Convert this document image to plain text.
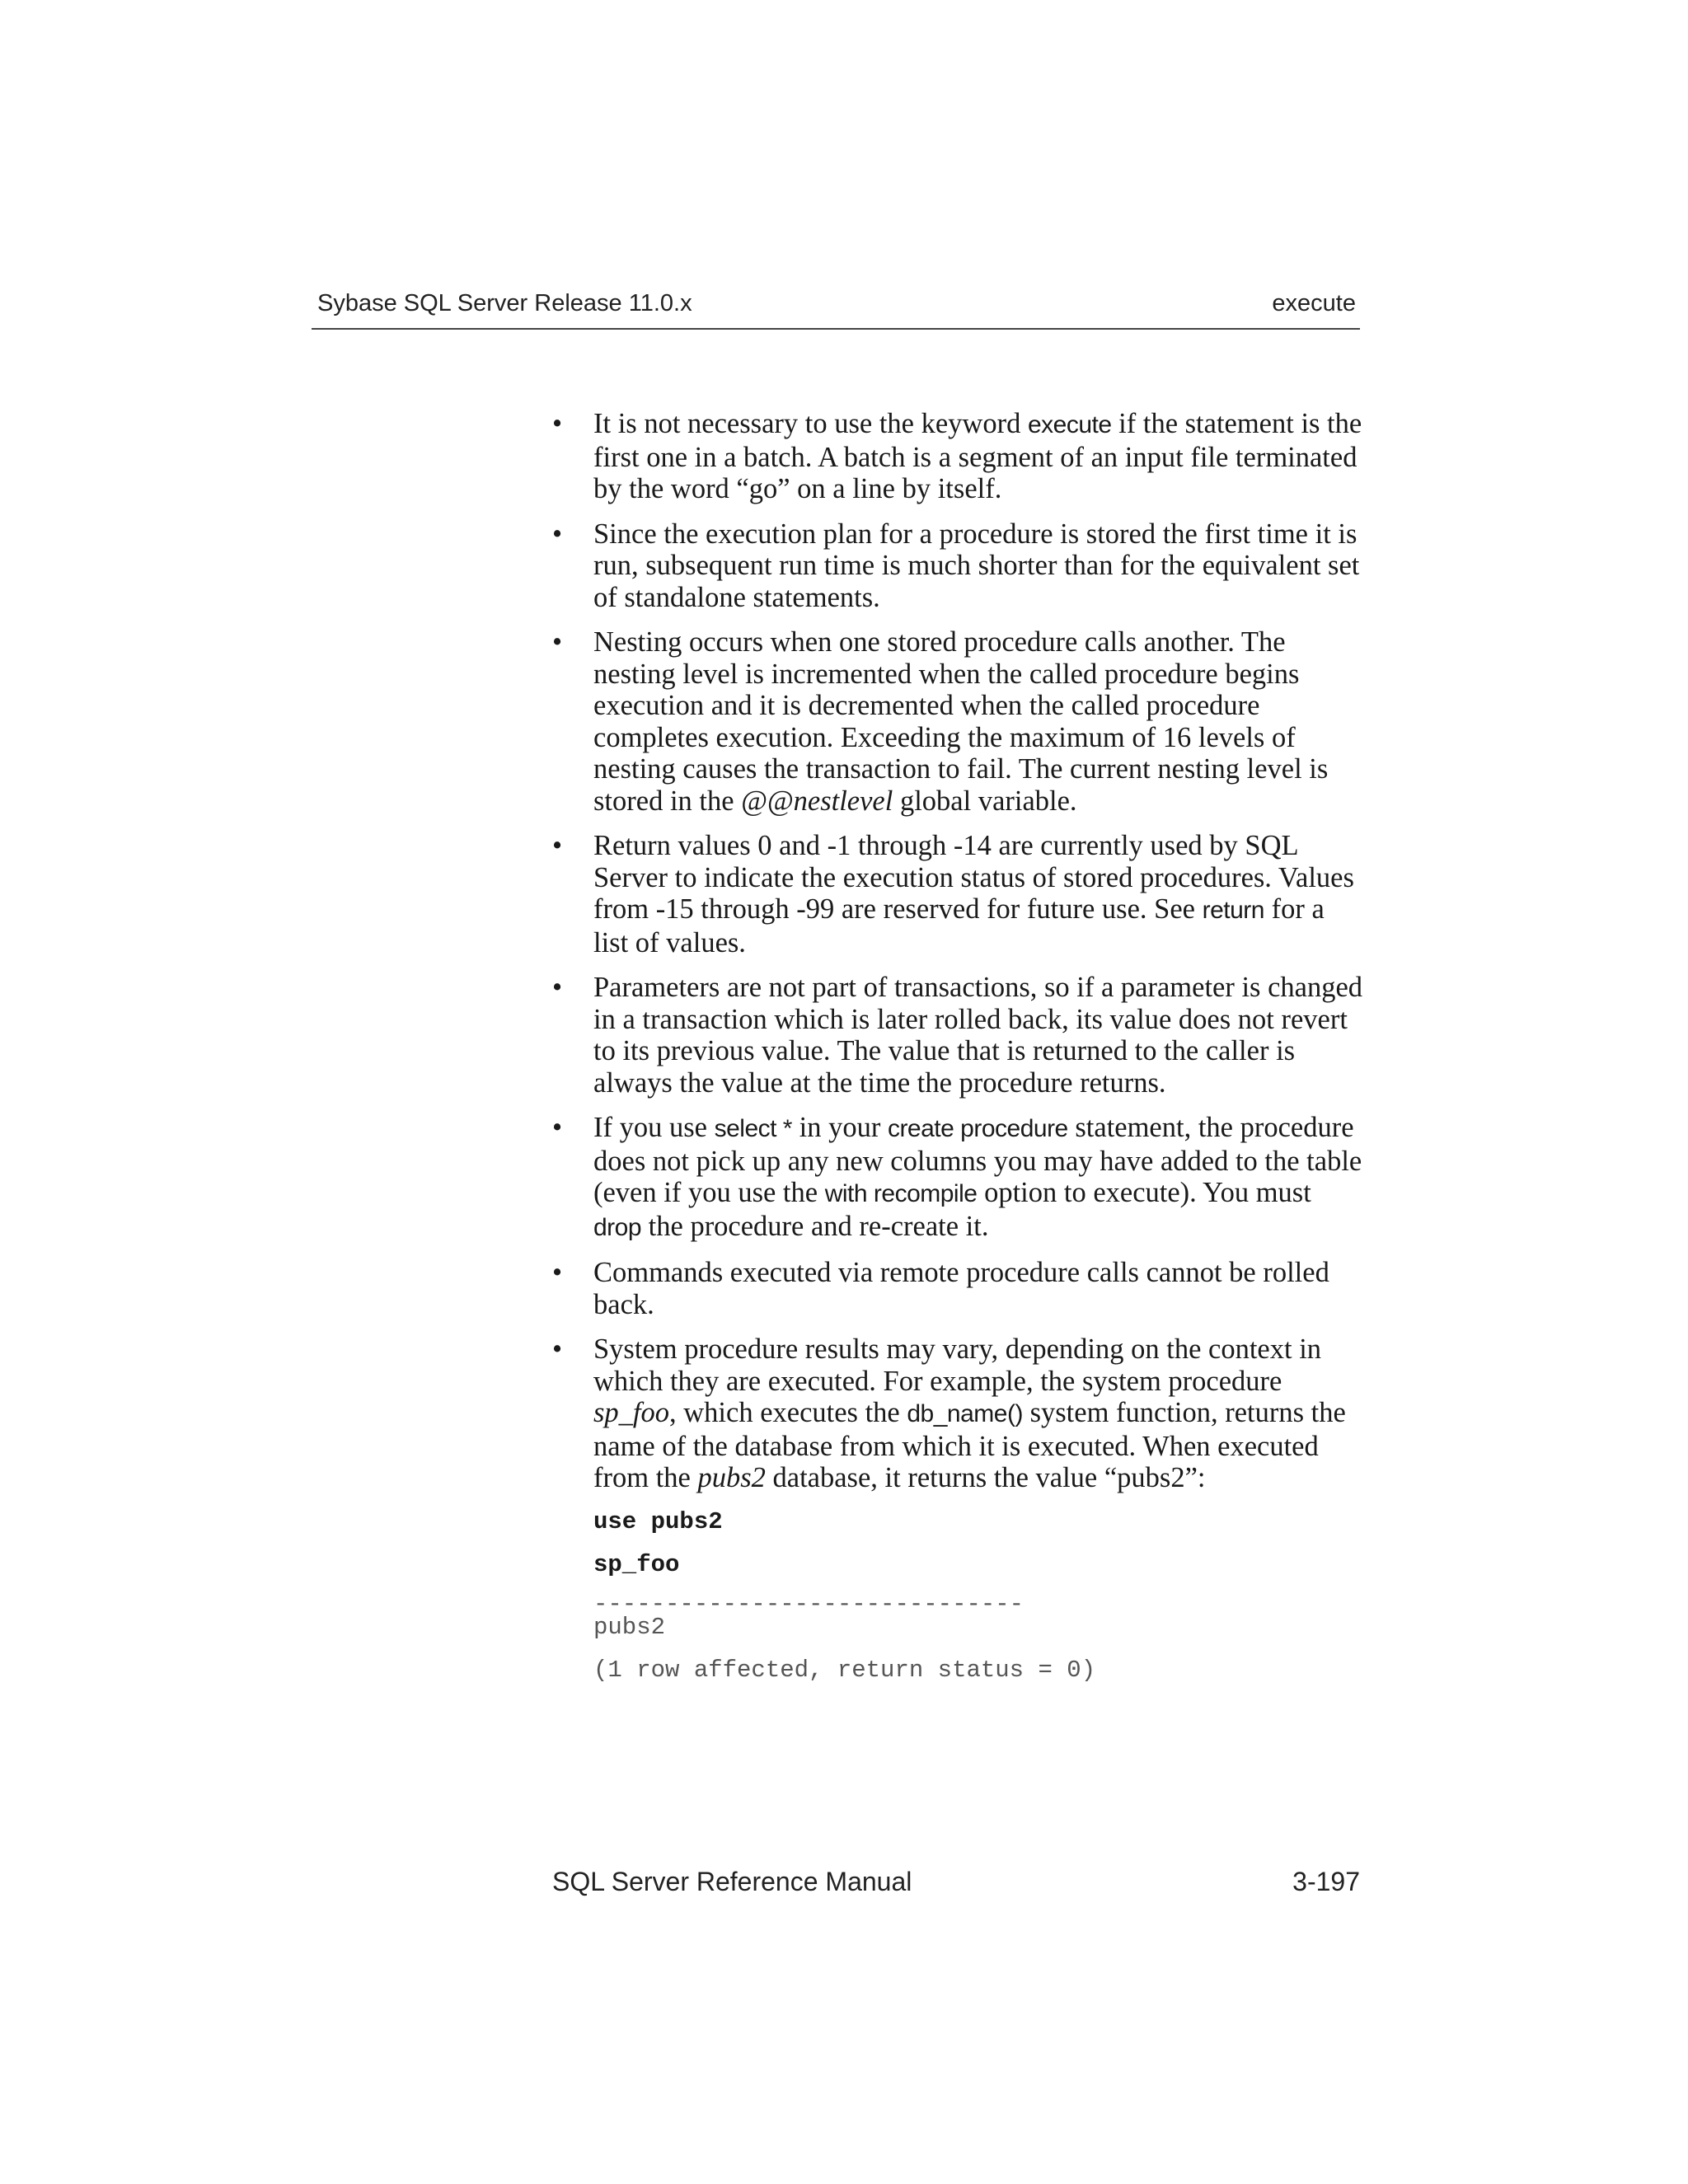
Sybase SQL Server Release 11.0.x	execute
• It is not necessary to use the keyword execute if the statement is the first one in a batch. A batch is a segment of an input file terminated by the word “go” on a line by itself.
• Since the execution plan for a procedure is stored the first time it is run, subsequent run time is much shorter than for the equivalent set of standalone statements.
• Nesting occurs when one stored procedure calls another. The nesting level is incremented when the called procedure begins execution and it is decremented when the called procedure completes execution. Exceeding the maximum of 16 levels of nesting causes the transaction to fail. The current nesting level is stored in the @@nestlevel global variable.
• Return values 0 and -1 through -14 are currently used by SQL Server to indicate the execution status of stored procedures. Values from -15 through -99 are reserved for future use. See return for a list of values.
• Parameters are not part of transactions, so if a parameter is changed in a transaction which is later rolled back, its value does not revert to its previous value. The value that is returned to the caller is always the value at the time the procedure returns.
• If you use select * in your create procedure statement, the procedure does not pick up any new columns you may have added to the table (even if you use the with recompile option to execute). You must drop the procedure and re-create it.
• Commands executed via remote procedure calls cannot be rolled back.
• System procedure results may vary, depending on the context in which they are executed. For example, the system procedure sp_foo, which executes the db_name() system function, returns the name of the database from which it is executed. When executed from the pubs2 database, it returns the value “pubs2”:
use pubs2
sp_foo
------------------------------
pubs2
(1 row affected, return status = 0)
SQL Server Reference Manual	3-197
